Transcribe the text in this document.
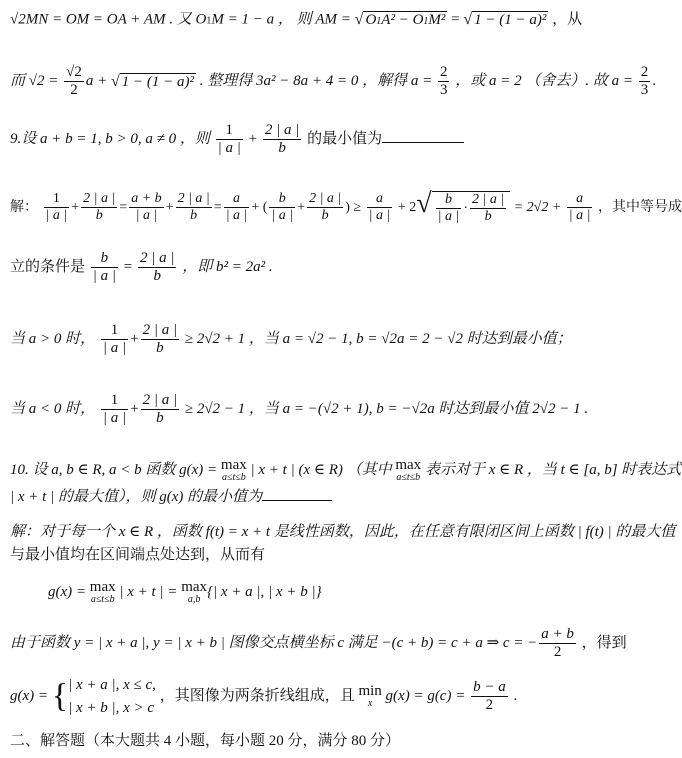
√2MN = OM = OA + AM . 又 O1M = 1 − a ， 则 AM = √ O1A² − O1M² = √ 1 − (1 − a)² ，从
而 $√2 = \frac{√2}{2}$ a + √ 1 − (1 − a)² . 整理得 3a² − 8a + 4 = 0 ，解得 $a = \frac{2}{3}$ ，或 a = 2 （舍去）. 故 $a = \frac{2}{3}$ .
9.设 a + b = 1, b > 0, a ≠ 0 ，则 $\frac{1}{| a |} + \frac{2 | a |}{b}$ 的最小值为
解： $\frac{1}{| a |} + \frac{2 | a |}{b} = \frac{a + b}{| a |} + \frac{2 | a |}{b} = \frac{a}{| a |}$ + ( $\frac{b}{| a |} + \frac{2 | a |}{b}$ ) ≥ $\frac{a}{| a |} + 2√ \frac{b}{| a |} \cdot \frac{2 | a |}{b} = 2√2 + \frac{a}{| a |}$ ，其中等号成
立的条件是 $\frac{b}{| a |} = \frac{2 | a |}{b}$ ，即 b² = 2a² .
当 a > 0 时， $\frac{1}{| a |} + \frac{2 | a |}{b} \ge 2√2 + 1$ ，当 a = √2 − 1, b = √2a = 2 − √2 时达到最小值；
当 a < 0 时， $\frac{1}{| a |} + \frac{2 | a |}{b} \ge 2√2 - 1$ ，当 a = −(√2 + 1), b = −√2a 时达到最小值 2√2 − 1 .
10. 设 a, b ∈ R, a < b 函数 g(x) = max
a≤t≤b | x + t | (x ∈ R) （其中 max
a≤t≤b 表示对于 x ∈ R ，当 t ∈ [a, b] 时表达式
| x + t | 的最大值），则 g(x) 的最小值为
解：对于每一个 x ∈ R ，函数 f(t) = x + t 是线性函数，因此，在任意有限闭区间上函数 | f(t) | 的最大值
与最小值均在区间端点处达到，从而有
g(x) = max
a≤t≤b | x + t | = max
a,b {| x + a |, | x + b |}
由于函数 y = | x + a |, y = | x + b | 图像交点横坐标 c 满足 −(c + b) = c + a ⇒ c = − $\frac{a + b}{2}$ ，得到
g(x) = { | x + a |, x ≤ c,
| x + b |, x > c
，其图像为两条折线组成，且 min
x $g(x) = g(c) = \frac{b - a}{2}$ .
二、解答题（本大题共 4 小题，每小题 20 分，满分 80 分）
